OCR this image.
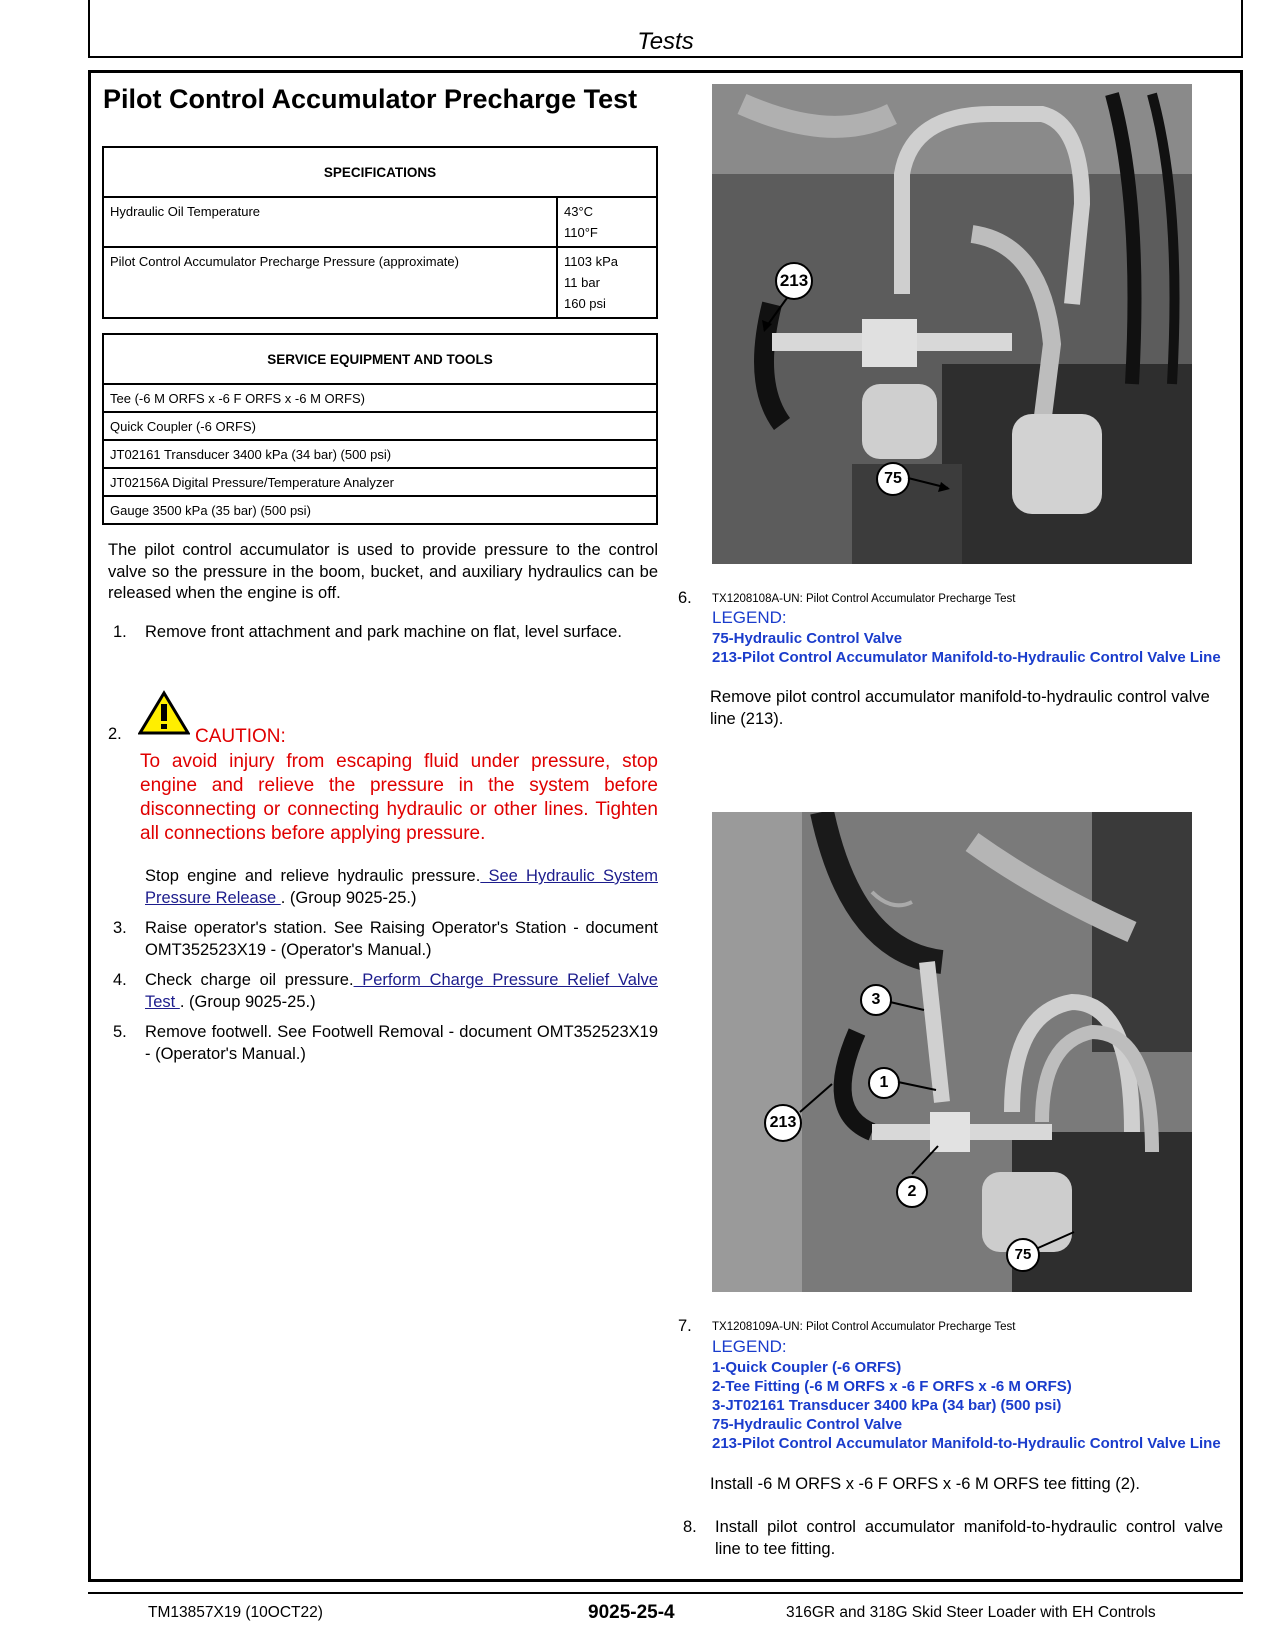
Tests
Pilot Control Accumulator Precharge Test
SPECIFICATIONS	
Hydraulic Oil Temperature	43°C
110°F

Pilot Control Accumulator Precharge Pressure (approximate)	1103 kPa
11 bar
160 psi
SERVICE EQUIPMENT AND TOOLS
Tee (-6 M ORFS x -6 F ORFS x -6 M ORFS)
Quick Coupler (-6 ORFS)
JT02161 Transducer 3400 kPa (34 bar) (500 psi)
JT02156A Digital Pressure/Temperature Analyzer
Gauge 3500 kPa (35 bar) (500 psi)
The pilot control accumulator is used to provide pressure to the control valve so the pressure in the boom, bucket, and auxiliary hydraulics can be released when the engine is off.
1. Remove front attachment and park machine on flat, level surface.
2.	CAUTION:
To avoid injury from escaping fluid under pressure, stop engine and relieve the pressure in the system before disconnecting or connecting hydraulic or other lines. Tighten all connections before applying pressure.
Stop engine and relieve hydraulic pressure. See Hydraulic System Pressure Release . (Group 9025-25.)
3. Raise operator's station. See Raising Operator's Station - document OMT352523X19 - (Operator's Manual.)
4. Check charge oil pressure. Perform Charge Pressure Relief Valve Test . (Group 9025-25.)
5. Remove footwell. See Footwell Removal - document OMT352523X19 - (Operator's Manual.)
213
75
6. TX1208108A-UN: Pilot Control Accumulator Precharge Test
LEGEND:
75-Hydraulic Control Valve
213-Pilot Control Accumulator Manifold-to-Hydraulic Control Valve Line
Remove pilot control accumulator manifold-to-hydraulic control valve line (213).
3
1
213
2
75
7. TX1208109A-UN: Pilot Control Accumulator Precharge Test
LEGEND:
1-Quick Coupler (-6 ORFS)
2-Tee Fitting (-6 M ORFS x -6 F ORFS x -6 M ORFS)
3-JT02161 Transducer 3400 kPa (34 bar) (500 psi)
75-Hydraulic Control Valve
213-Pilot Control Accumulator Manifold-to-Hydraulic Control Valve Line
Install -6 M ORFS x -6 F ORFS x -6 M ORFS tee fitting (2).
8. Install pilot control accumulator manifold-to-hydraulic control valve line to tee fitting.
TM13857X19 (10OCT22)	9025-25-4	316GR and 318G Skid Steer Loader with EH Controls
